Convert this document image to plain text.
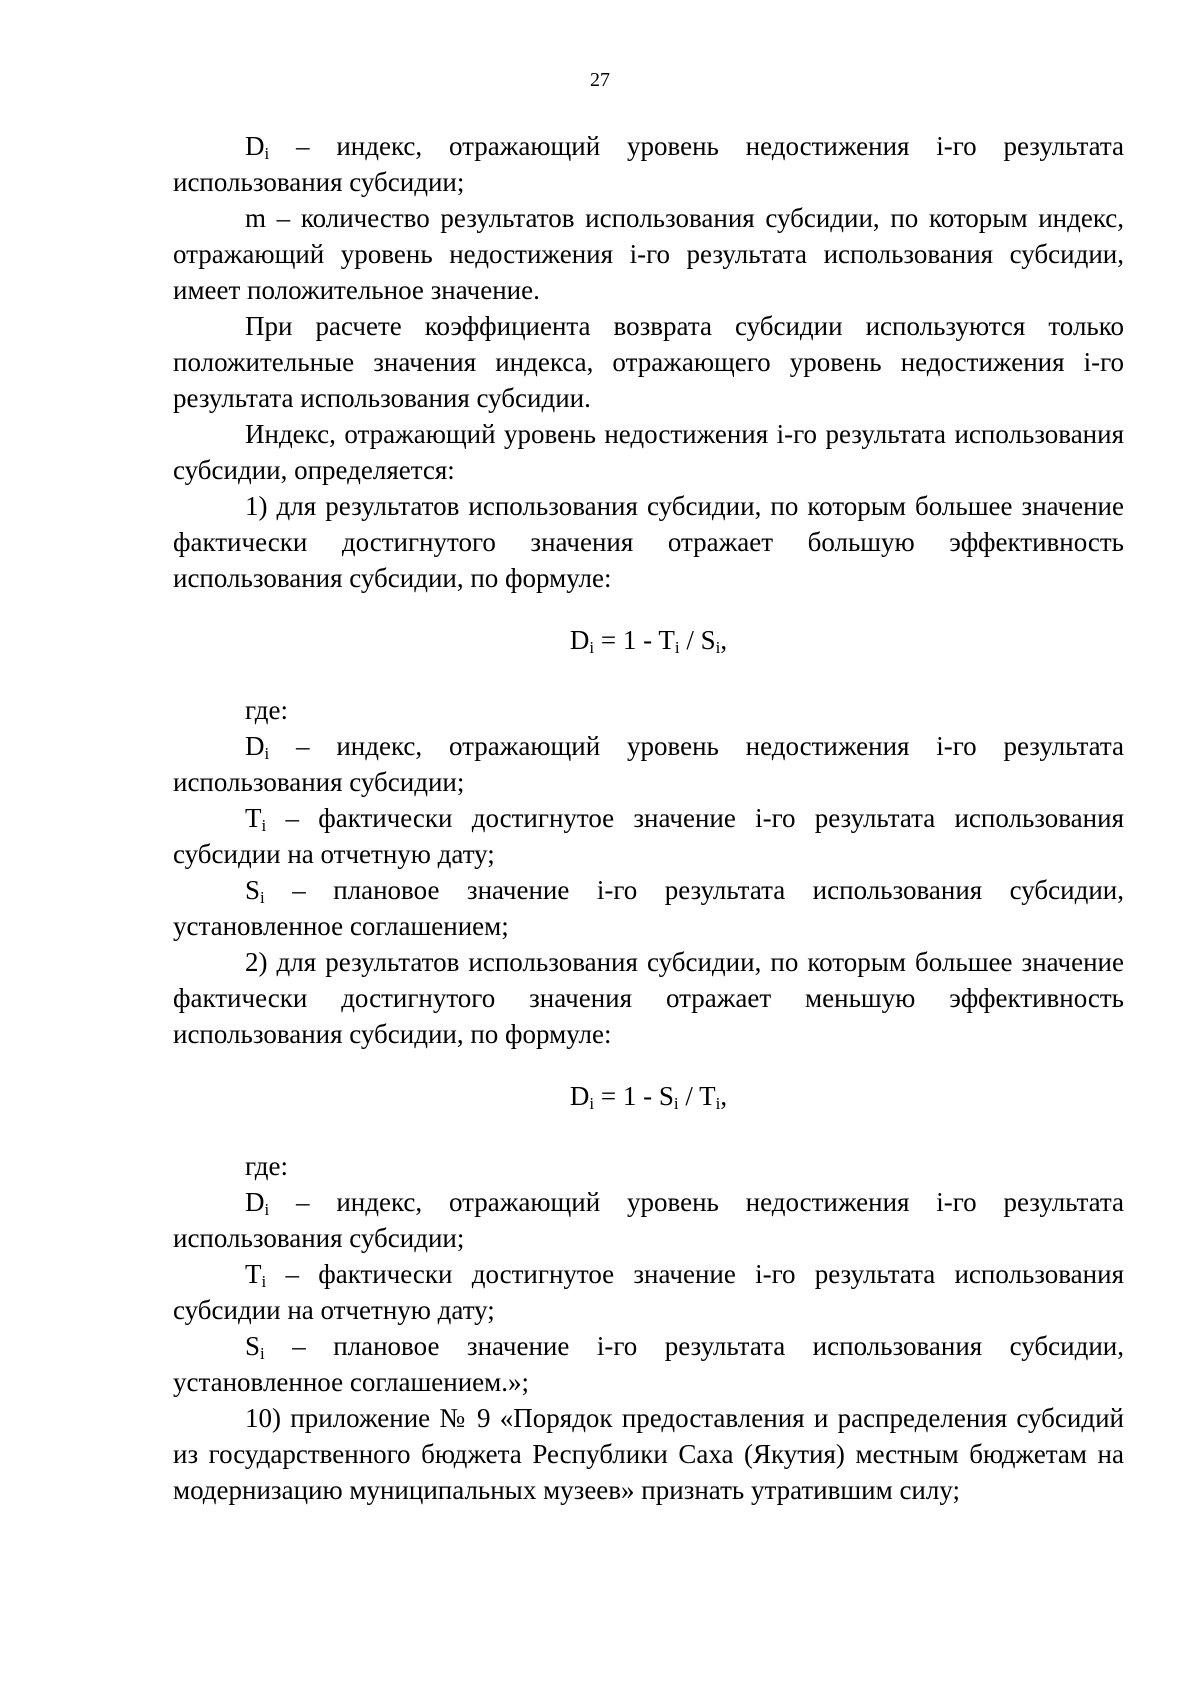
27

$D_i$ – индекс, отражающий уровень недостижения i-го результата использования субсидии;

m – количество результатов использования субсидии, по которым индекс, отражающий уровень недостижения i-го результата использования субсидии, имеет положительное значение.

При расчете коэффициента возврата субсидии используются только положительные значения индекса, отражающего уровень недостижения i-го результата использования субсидии.

Индекс, отражающий уровень недостижения i-го результата использования субсидии, определяется:

1) для результатов использования субсидии, по которым большее значение фактически достигнутого значения отражает большую эффективность использования субсидии, по формуле:

$D_i = 1 - T_i / S_i$,

где:

$D_i$ – индекс, отражающий уровень недостижения i-го результата использования субсидии;

$T_i$ – фактически достигнутое значение i-го результата использования субсидии на отчетную дату;

$S_i$ – плановое значение i-го результата использования субсидии, установленное соглашением;

2) для результатов использования субсидии, по которым большее значение фактически достигнутого значения отражает меньшую эффективность использования субсидии, по формуле:

$D_i = 1 - S_i / T_i$,

где:

$D_i$ – индекс, отражающий уровень недостижения i-го результата использования субсидии;

$T_i$ – фактически достигнутое значение i-го результата использования субсидии на отчетную дату;

$S_i$ – плановое значение i-го результата использования субсидии, установленное соглашением.»;

10) приложение № 9 «Порядок предоставления и распределения субсидий из государственного бюджета Республики Саха (Якутия) местным бюджетам на модернизацию муниципальных музеев» признать утратившим силу;
